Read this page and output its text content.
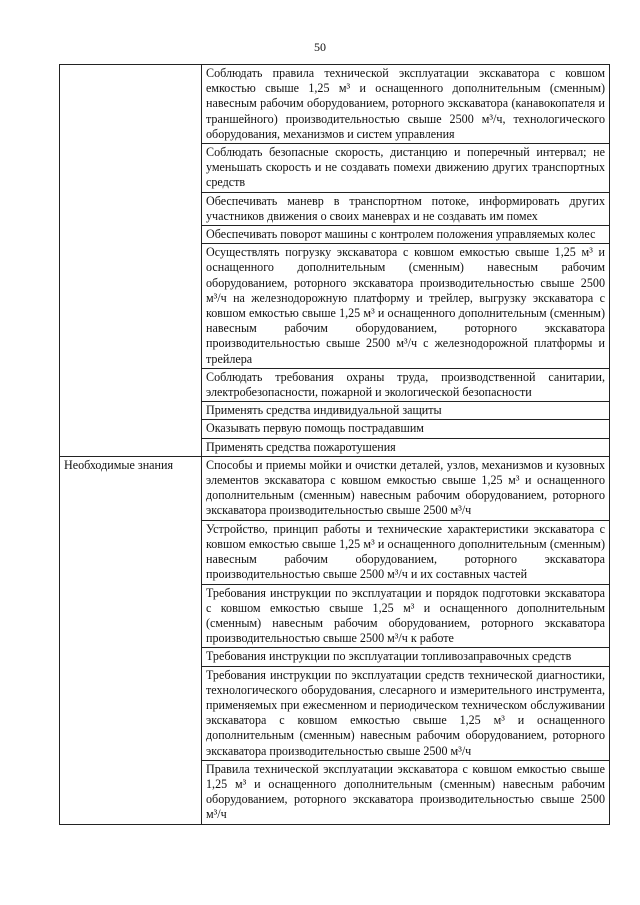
50
	Соблюдать правила технической эксплуатации экскаватора с ковшом емкостью свыше 1,25 м³ и оснащенного дополнительным (сменным) навесным рабочим оборудованием, роторного экскаватора (канавокопателя и траншейного) производительностью свыше 2500 м³/ч, технологического оборудования, механизмов и систем управления
	Соблюдать безопасные скорость, дистанцию и поперечный интервал; не уменьшать скорость и не создавать помехи движению других транспортных средств
	Обеспечивать маневр в транспортном потоке, информировать других участников движения о своих маневрах и не создавать им помех
	Обеспечивать поворот машины с контролем положения управляемых колес
	Осуществлять погрузку экскаватора с ковшом емкостью свыше 1,25 м³ и оснащенного дополнительным (сменным) навесным рабочим оборудованием, роторного экскаватора производительностью свыше 2500 м³/ч на железнодорожную платформу и трейлер, выгрузку экскаватора с ковшом емкостью свыше 1,25 м³ и оснащенного дополнительным (сменным) навесным рабочим оборудованием, роторного экскаватора производительностью свыше 2500 м³/ч с железнодорожной платформы и трейлера
	Соблюдать требования охраны труда, производственной санитарии, электробезопасности, пожарной и экологической безопасности
	Применять средства индивидуальной защиты
	Оказывать первую помощь пострадавшим
	Применять средства пожаротушения
Необходимые знания	Способы и приемы мойки и очистки деталей, узлов, механизмов и кузовных элементов экскаватора с ковшом емкостью свыше 1,25 м³ и оснащенного дополнительным (сменным) навесным рабочим оборудованием, роторного экскаватора производительностью свыше 2500 м³/ч
	Устройство, принцип работы и технические характеристики экскаватора с ковшом емкостью свыше 1,25 м³ и оснащенного дополнительным (сменным) навесным рабочим оборудованием, роторного экскаватора производительностью свыше 2500 м³/ч и их составных частей
	Требования инструкции по эксплуатации и порядок подготовки экскаватора с ковшом емкостью свыше 1,25 м³ и оснащенного дополнительным (сменным) навесным рабочим оборудованием, роторного экскаватора производительностью свыше 2500 м³/ч к работе
	Требования инструкции по эксплуатации топливозаправочных средств
	Требования инструкции по эксплуатации средств технической диагностики, технологического оборудования, слесарного и измерительного инструмента, применяемых при ежесменном и периодическом техническом обслуживании экскаватора с ковшом емкостью свыше 1,25 м³ и оснащенного дополнительным (сменным) навесным рабочим оборудованием, роторного экскаватора производительностью свыше 2500 м³/ч
	Правила технической эксплуатации экскаватора с ковшом емкостью свыше 1,25 м³ и оснащенного дополнительным (сменным) навесным рабочим оборудованием, роторного экскаватора производительностью свыше 2500 м³/ч
